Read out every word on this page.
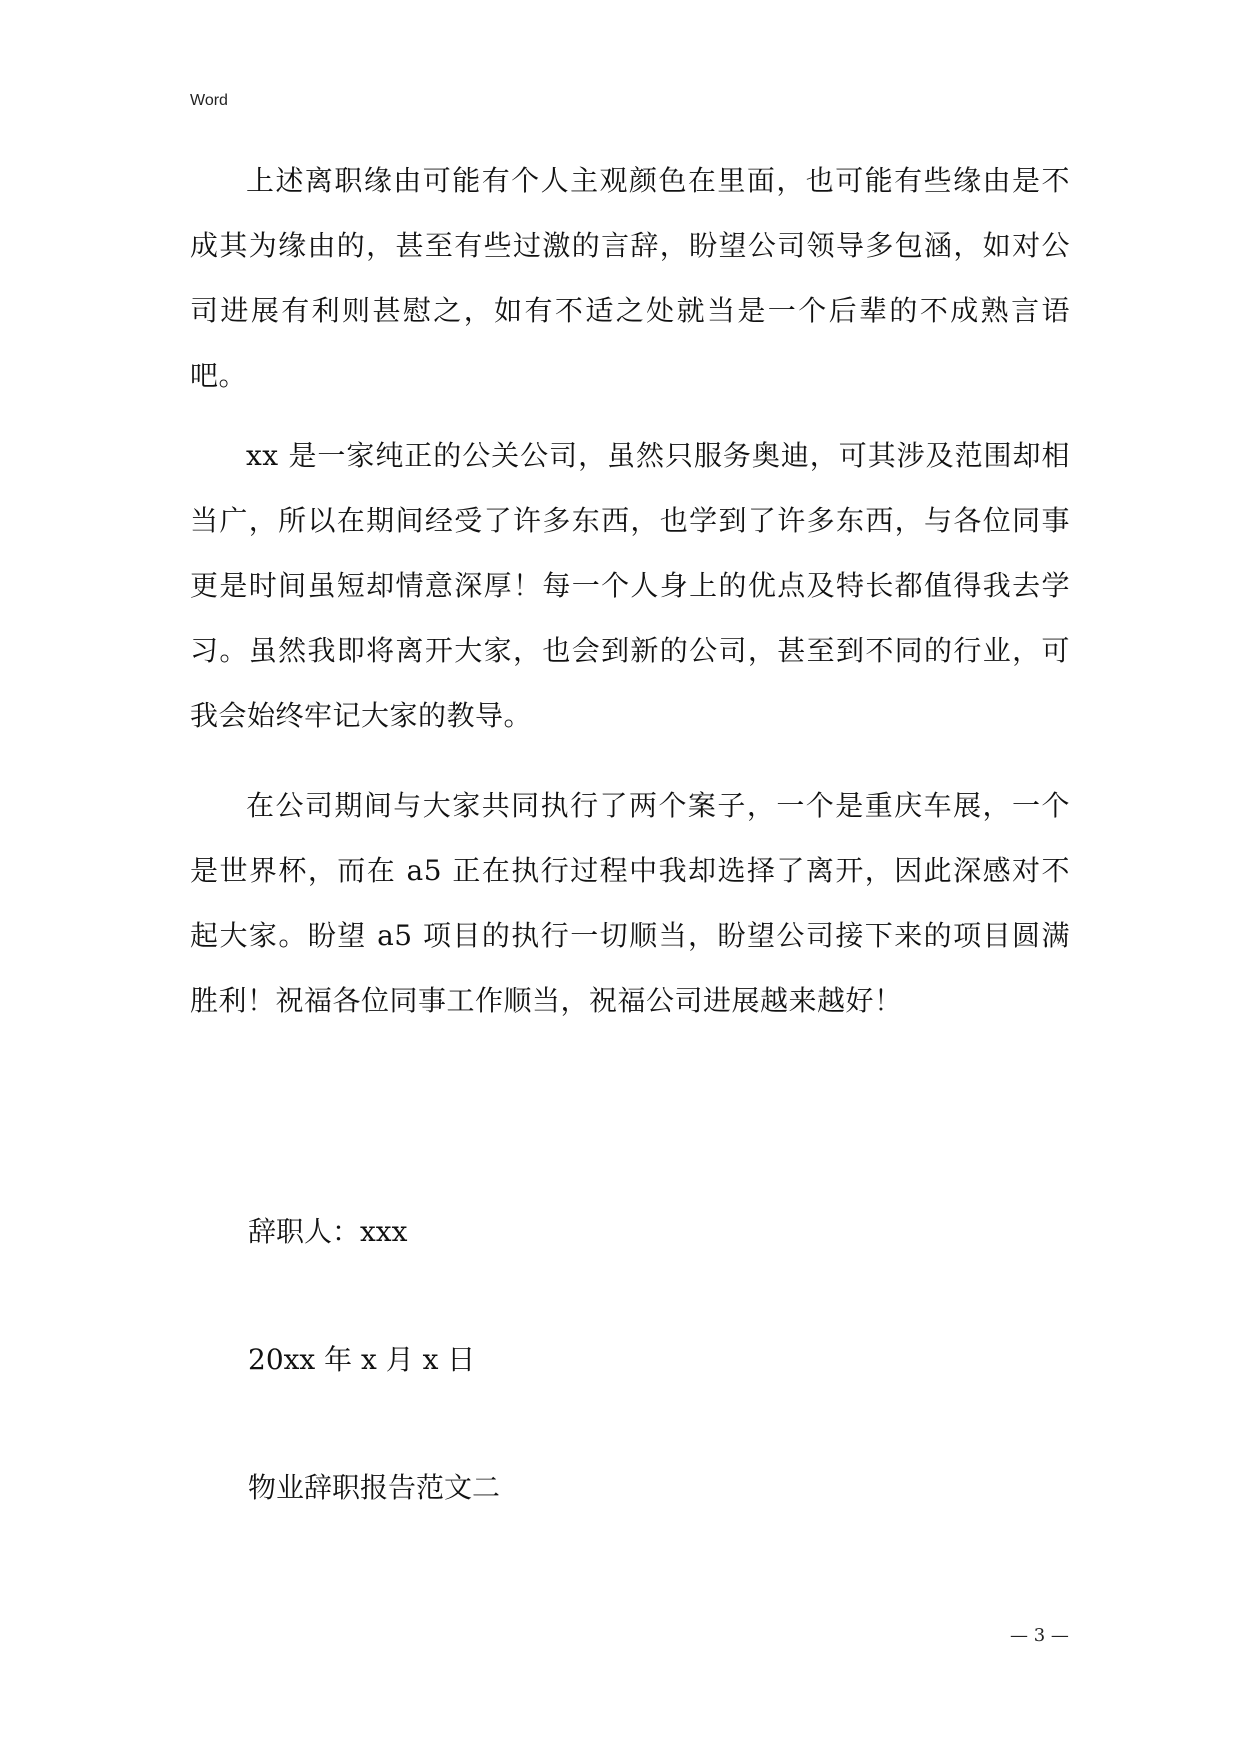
Word

上述离职缘由可能有个人主观颜色在里面，也可能有些缘由是不成其为缘由的，甚至有些过激的言辞，盼望公司领导多包涵，如对公司进展有利则甚慰之，如有不适之处就当是一个后辈的不成熟言语吧。

xx 是一家纯正的公关公司，虽然只服务奥迪，可其涉及范围却相当广，所以在期间经受了许多东西，也学到了许多东西，与各位同事更是时间虽短却情意深厚！每一个人身上的优点及特长都值得我去学习。虽然我即将离开大家，也会到新的公司，甚至到不同的行业，可我会始终牢记大家的教导。

在公司期间与大家共同执行了两个案子，一个是重庆车展，一个是世界杯，而在 a5 正在执行过程中我却选择了离开，因此深感对不起大家。盼望 a5 项目的执行一切顺当，盼望公司接下来的项目圆满胜利！祝福各位同事工作顺当，祝福公司进展越来越好！

辞职人：xxx

20xx 年 x 月 x 日

物业辞职报告范文二

— 3 —
